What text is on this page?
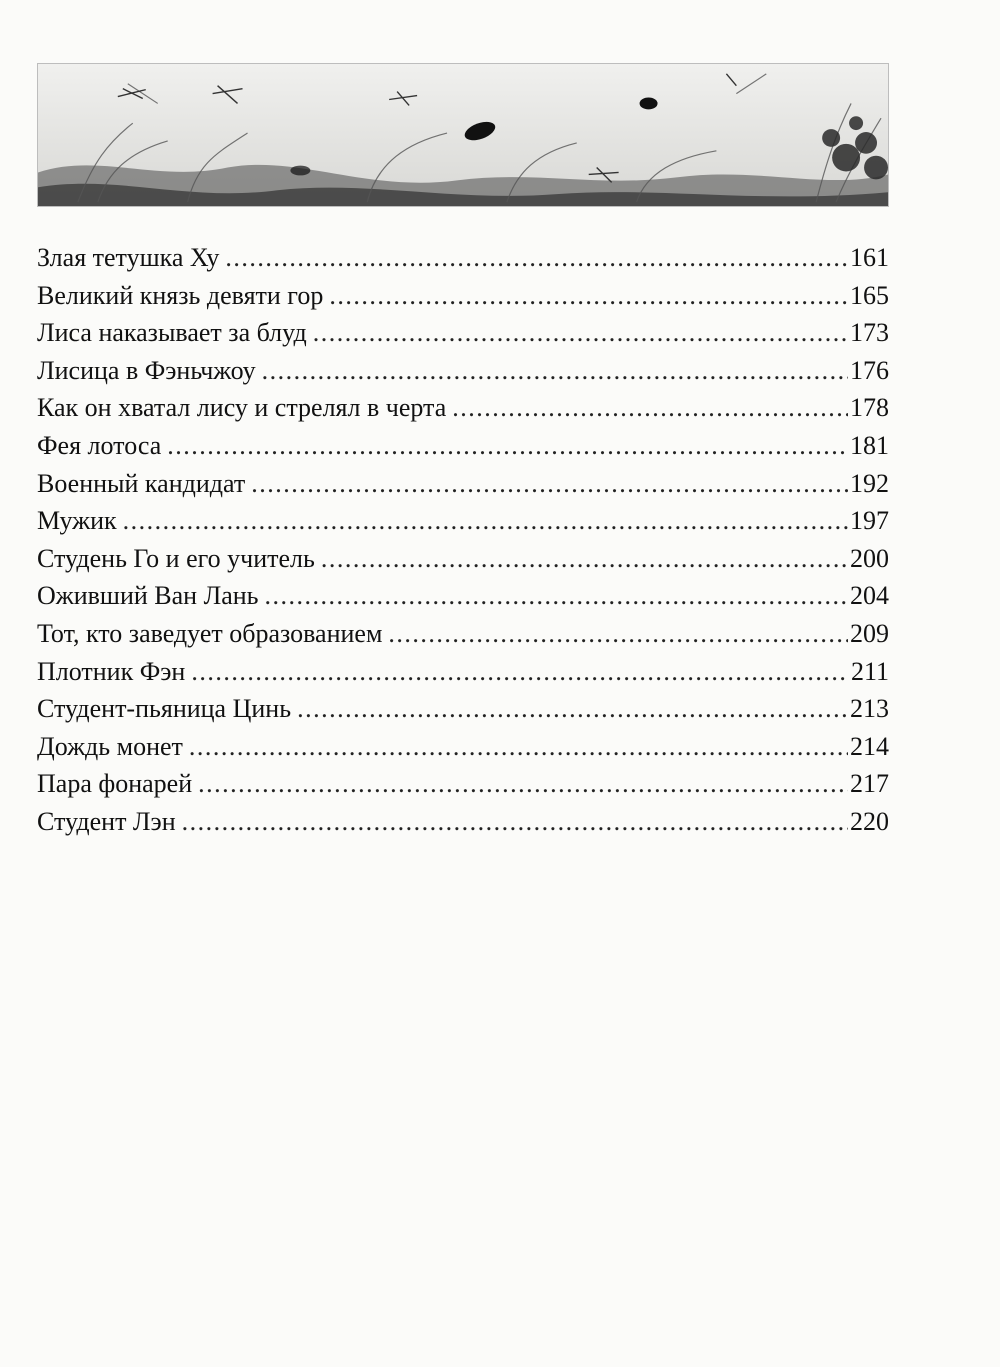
Злая тетушка Ху .....	161
Великий князь девяти гор .....	165
Лиса наказывает за блуд .....	173
Лисица в Фэньчжоу .....	176
Как он хватал лису и стрелял в черта .....	178
Фея лотоса .....	181
Военный кандидат .....	192
Мужик .....	197
Студень Го и его учитель .....	200
Оживший Ван Лань .....	204
Тот, кто заведует образованием .....	209
Плотник Фэн .....	211
Студент-пьяница Цинь .....	213
Дождь монет .....	214
Пара фонарей .....	217
Студент Лэн .....	220
